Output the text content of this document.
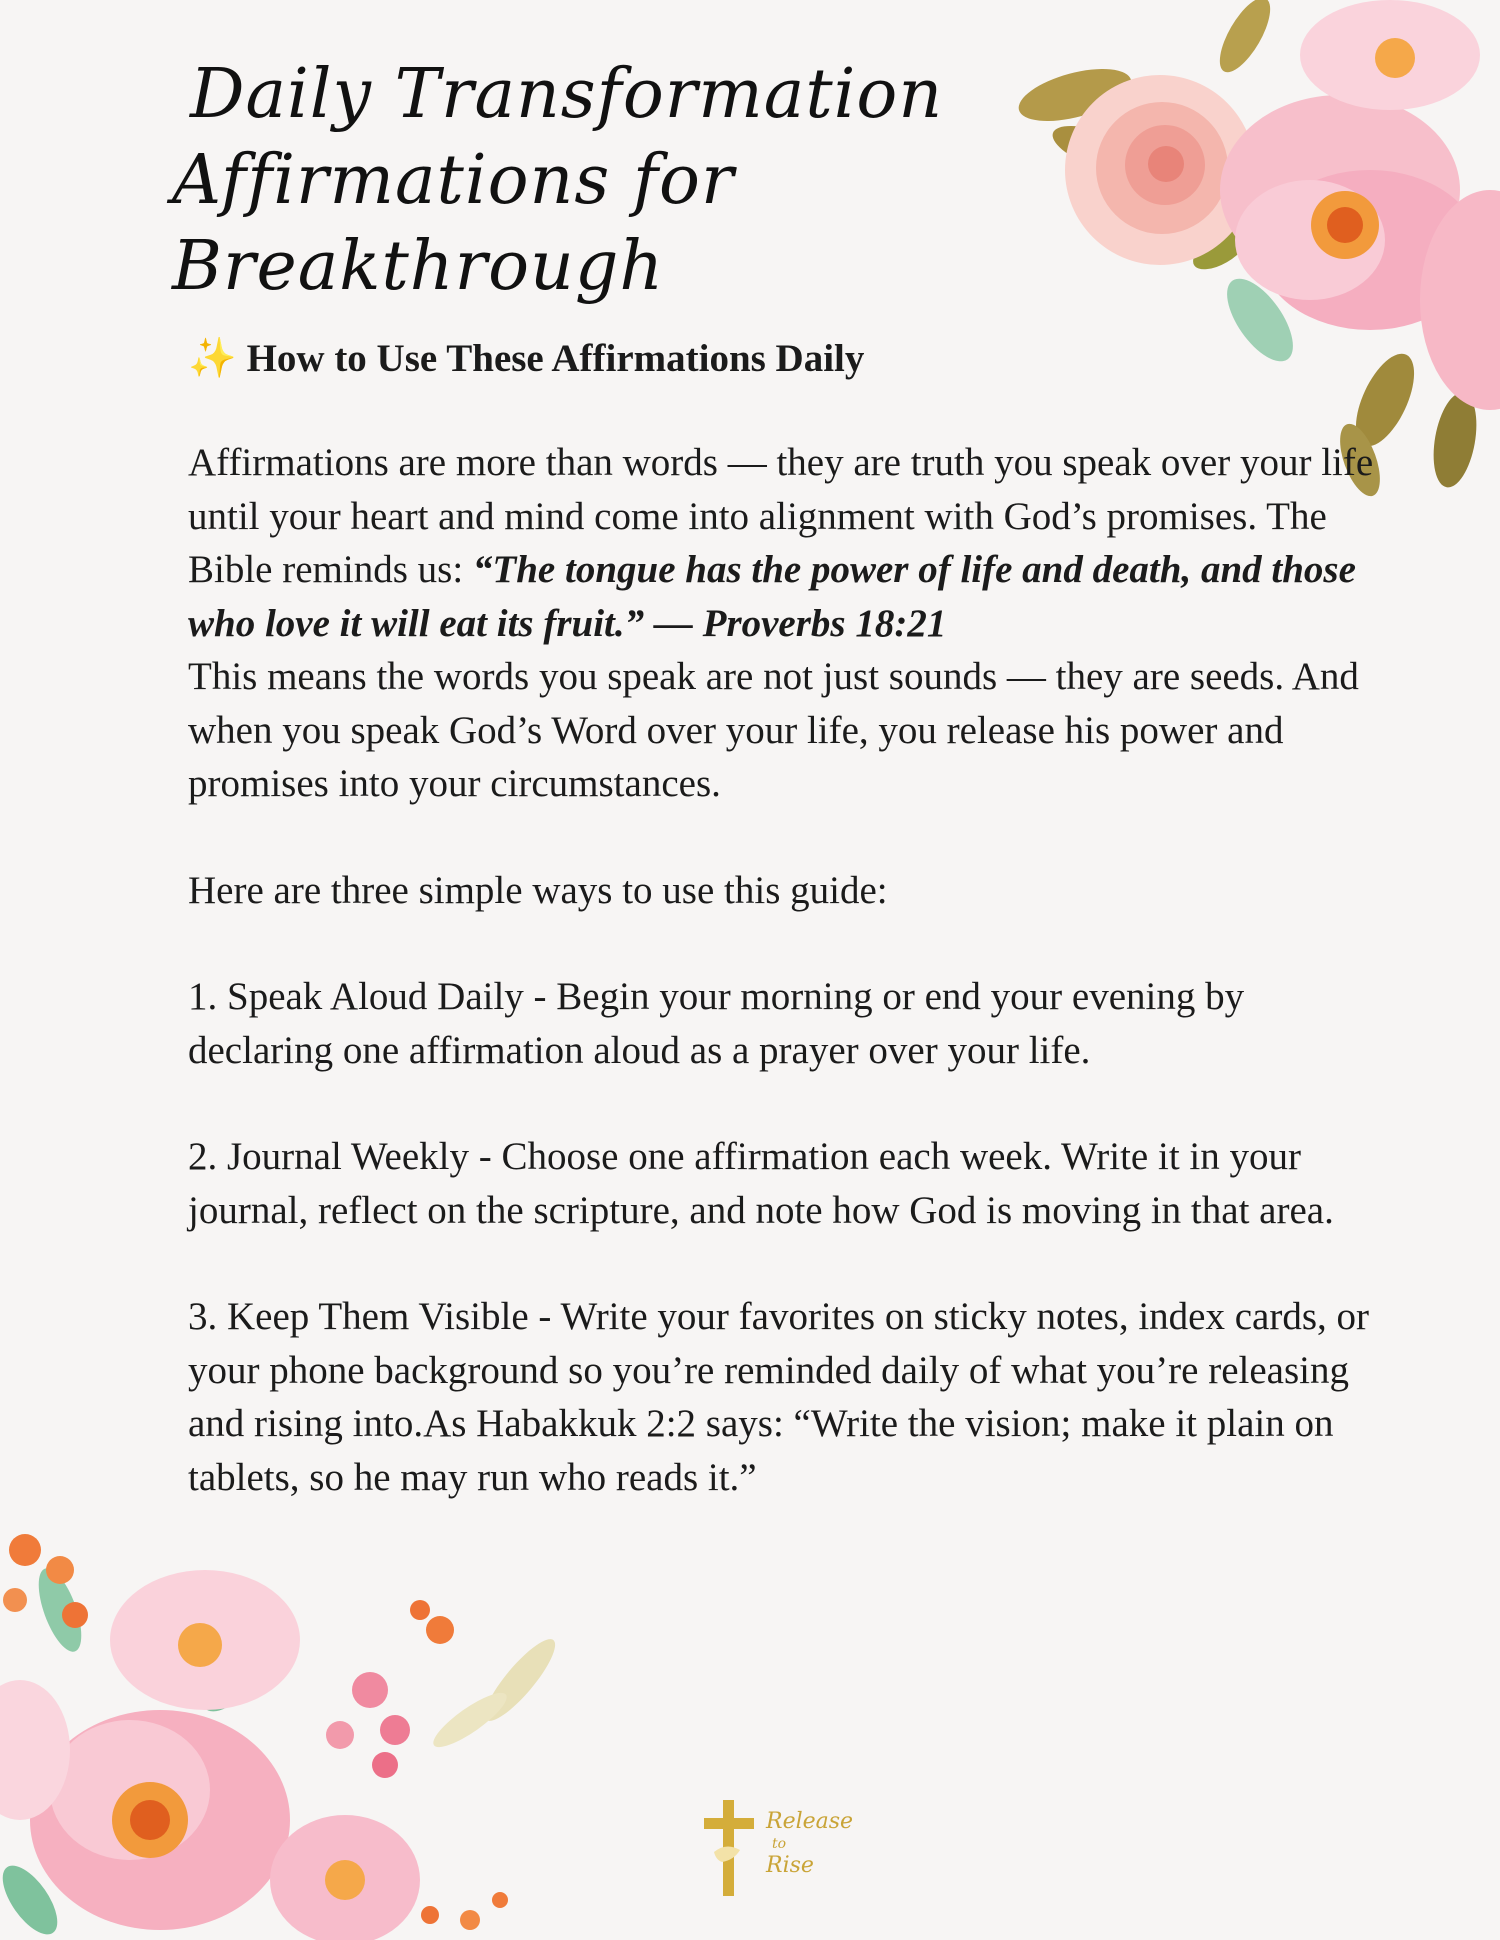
Daily Transformation
Affirmations for Breakthrough
✨ How to Use These Affirmations Daily

Affirmations are more than words — they are truth you speak over your life until your heart and mind come into alignment with God’s promises. The Bible reminds us: “The tongue has the power of life and death, and those who love it will eat its fruit.” — Proverbs 18:21
This means the words you speak are not just sounds — they are seeds. And when you speak God’s Word over your life, you release his power and promises into your circumstances.

Here are three simple ways to use this guide:

1. Speak Aloud Daily - Begin your morning or end your evening by declaring one affirmation aloud as a prayer over your life.

2. Journal Weekly - Choose one affirmation each week. Write it in your journal, reflect on the scripture, and note how God is moving in that area.

3. Keep Them Visible - Write your favorites on sticky notes, index cards, or your phone background so you’re reminded daily of what you’re releasing and rising into.As Habakkuk 2:2 says: “Write the vision; make it plain on tablets, so he may run who reads it.”

Release
to
Rise
